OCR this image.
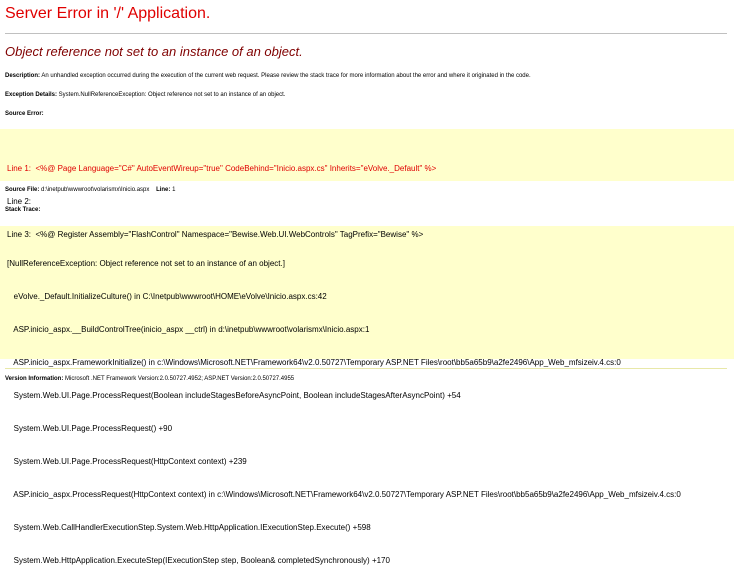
Server Error in '/' Application.
Object reference not set to an instance of an object.

Description: An unhandled exception occurred during the execution of the current web request. Please review the stack trace for more information about the error and where it originated in the code.

Exception Details: System.NullReferenceException: Object reference not set to an instance of an object.

Source Error:

Line 1:  <%@ Page Language="C#" AutoEventWireup="true" CodeBehind="Inicio.aspx.cs" Inherits="eVolve._Default" %>

Line 2:

Line 3:  <%@ Register Assembly="FlashControl" Namespace="Bewise.Web.UI.WebControls" TagPrefix="Bewise" %>

Source File: d:\inetpub\wwwroot\volarismx\Inicio.aspx Line: 1

Stack Trace:

[NullReferenceException: Object reference not set to an instance of an object.]

eVolve._Default.InitializeCulture() in C:\Inetpub\wwwroot\HOME\eVolve\Inicio.aspx.cs:42

ASP.inicio_aspx.__BuildControlTree(inicio_aspx __ctrl) in d:\inetpub\wwwroot\volarismx\Inicio.aspx:1

ASP.inicio_aspx.FrameworkInitialize() in c:\Windows\Microsoft.NET\Framework64\v2.0.50727\Temporary ASP.NET Files\root\bb5a65b9\a2fe2496\App_Web_mfsizeiv.4.cs:0

System.Web.UI.Page.ProcessRequest(Boolean includeStagesBeforeAsyncPoint, Boolean includeStagesAfterAsyncPoint) +54

System.Web.UI.Page.ProcessRequest() +90

System.Web.UI.Page.ProcessRequest(HttpContext context) +239

ASP.inicio_aspx.ProcessRequest(HttpContext context) in c:\Windows\Microsoft.NET\Framework64\v2.0.50727\Temporary ASP.NET Files\root\bb5a65b9\a2fe2496\App_Web_mfsizeiv.4.cs:0

System.Web.CallHandlerExecutionStep.System.Web.HttpApplication.IExecutionStep.Execute() +598

System.Web.HttpApplication.ExecuteStep(IExecutionStep step, Boolean& completedSynchronously) +170

Version Information: Microsoft .NET Framework Version:2.0.50727.4952; ASP.NET Version:2.0.50727.4955
